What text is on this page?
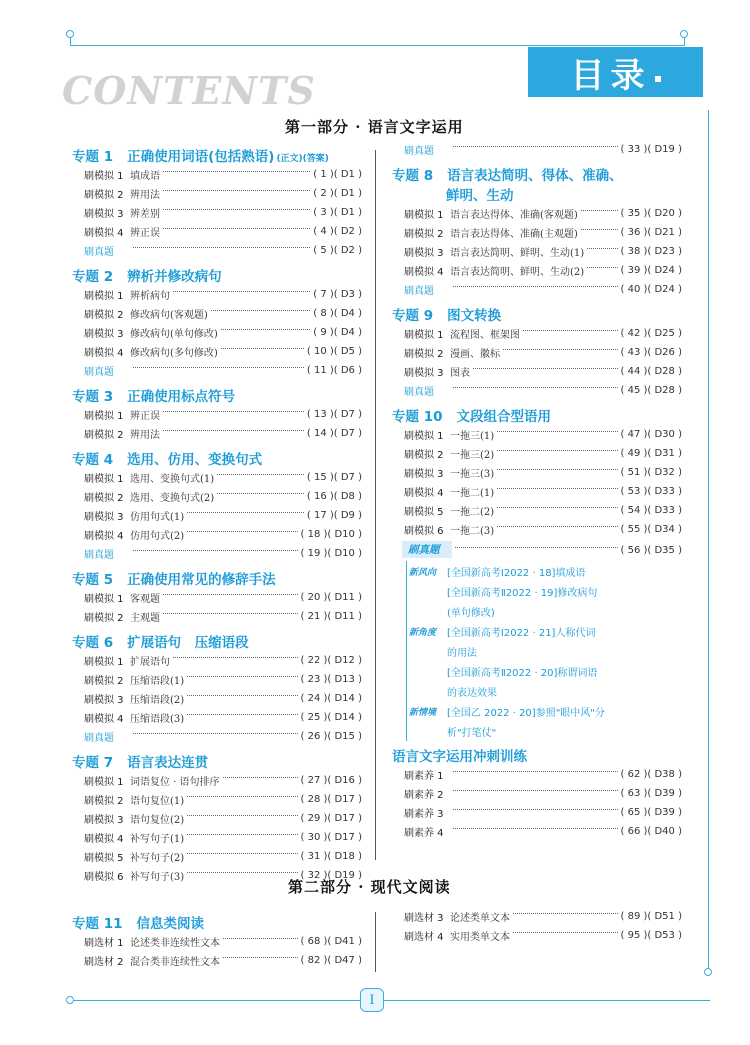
CONTENTS	目录
第一部分 · 语言文字运用
专题 1 正确使用词语(包括熟语) (正文)(答案)
刷模拟 1 填成语	( 1 )( D1 )
刷模拟 2 辨用法	( 2 )( D1 )
刷模拟 3 辨差别	( 3 )( D1 )
刷模拟 4 辨正误	( 4 )( D2 )
刷真题	( 5 )( D2 )
专题 2 辨析并修改病句
刷模拟 1 辨析病句	( 7 )( D3 )
刷模拟 2 修改病句(客观题)	( 8 )( D4 )
刷模拟 3 修改病句(单句修改)	( 9 )( D4 )
刷模拟 4 修改病句(多句修改)	( 10 )( D5 )
刷真题	( 11 )( D6 )
专题 3 正确使用标点符号
刷模拟 1 辨正误	( 13 )( D7 )
刷模拟 2 辨用法	( 14 )( D7 )
专题 4 选用、仿用、变换句式
刷模拟 1 选用、变换句式(1)	( 15 )( D7 )
刷模拟 2 选用、变换句式(2)	( 16 )( D8 )
刷模拟 3 仿用句式(1)	( 17 )( D9 )
刷模拟 4 仿用句式(2)	( 18 )( D10 )
刷真题	( 19 )( D10 )
专题 5 正确使用常见的修辞手法
刷模拟 1 客观题	( 20 )( D11 )
刷模拟 2 主观题	( 21 )( D11 )
专题 6 扩展语句　压缩语段
刷模拟 1 扩展语句	( 22 )( D12 )
刷模拟 2 压缩语段(1)	( 23 )( D13 )
刷模拟 3 压缩语段(2)	( 24 )( D14 )
刷模拟 4 压缩语段(3)	( 25 )( D14 )
刷真题	( 26 )( D15 )
专题 7 语言表达连贯
刷模拟 1 词语复位 · 语句排序	( 27 )( D16 )
刷模拟 2 语句复位(1)	( 28 )( D17 )
刷模拟 3 语句复位(2)	( 29 )( D17 )
刷模拟 4 补写句子(1)	( 30 )( D17 )
刷模拟 5 补写句子(2)	( 31 )( D18 )
刷模拟 6 补写句子(3)	( 32 )( D19 )
刷真题	( 33 )( D19 )
专题 8 语言表达简明、得体、准确、
鲜明、生动
刷模拟 1 语言表达得体、准确(客观题)	( 35 )( D20 )
刷模拟 2 语言表达得体、准确(主观题)	( 36 )( D21 )
刷模拟 3 语言表达简明、鲜明、生动(1)	( 38 )( D23 )
刷模拟 4 语言表达简明、鲜明、生动(2)	( 39 )( D24 )
刷真题	( 40 )( D24 )
专题 9 图文转换
刷模拟 1 流程图、框架图	( 42 )( D25 )
刷模拟 2 漫画、徽标	( 43 )( D26 )
刷模拟 3 图表	( 44 )( D28 )
刷真题	( 45 )( D28 )
专题 10 文段组合型语用
刷模拟 1 一拖三(1)	( 47 )( D30 )
刷模拟 2 一拖三(2)	( 49 )( D31 )
刷模拟 3 一拖三(3)	( 51 )( D32 )
刷模拟 4 一拖二(1)	( 53 )( D33 )
刷模拟 5 一拖二(2)	( 54 )( D33 )
刷模拟 6 一拖二(3)	( 55 )( D34 )
刷真题	( 56 )( D35 )
新风向	[全国新高考Ⅰ2022 · 18]填成语
[全国新高考Ⅱ2022 · 19]修改病句
(单句修改)
新角度	[全国新高考Ⅰ2022 · 21]人称代词
的用法
[全国新高考Ⅱ2022 · 20]称谓词语
的表达效果
新情境	[全国乙 2022 · 20]参照"眼中风"分
析"打笔仗"
语言文字运用冲刺训练
刷素养 1	( 62 )( D38 )
刷素养 2	( 63 )( D39 )
刷素养 3	( 65 )( D39 )
刷素养 4	( 66 )( D40 )
第二部分 · 现代文阅读
专题 11 信息类阅读
刷选材 1 论述类非连续性文本	( 68 )( D41 )
刷选材 2 混合类非连续性文本	( 82 )( D47 )
刷选材 3 论述类单文本	( 89 )( D51 )
刷选材 4 实用类单文本	( 95 )( D53 )
I
